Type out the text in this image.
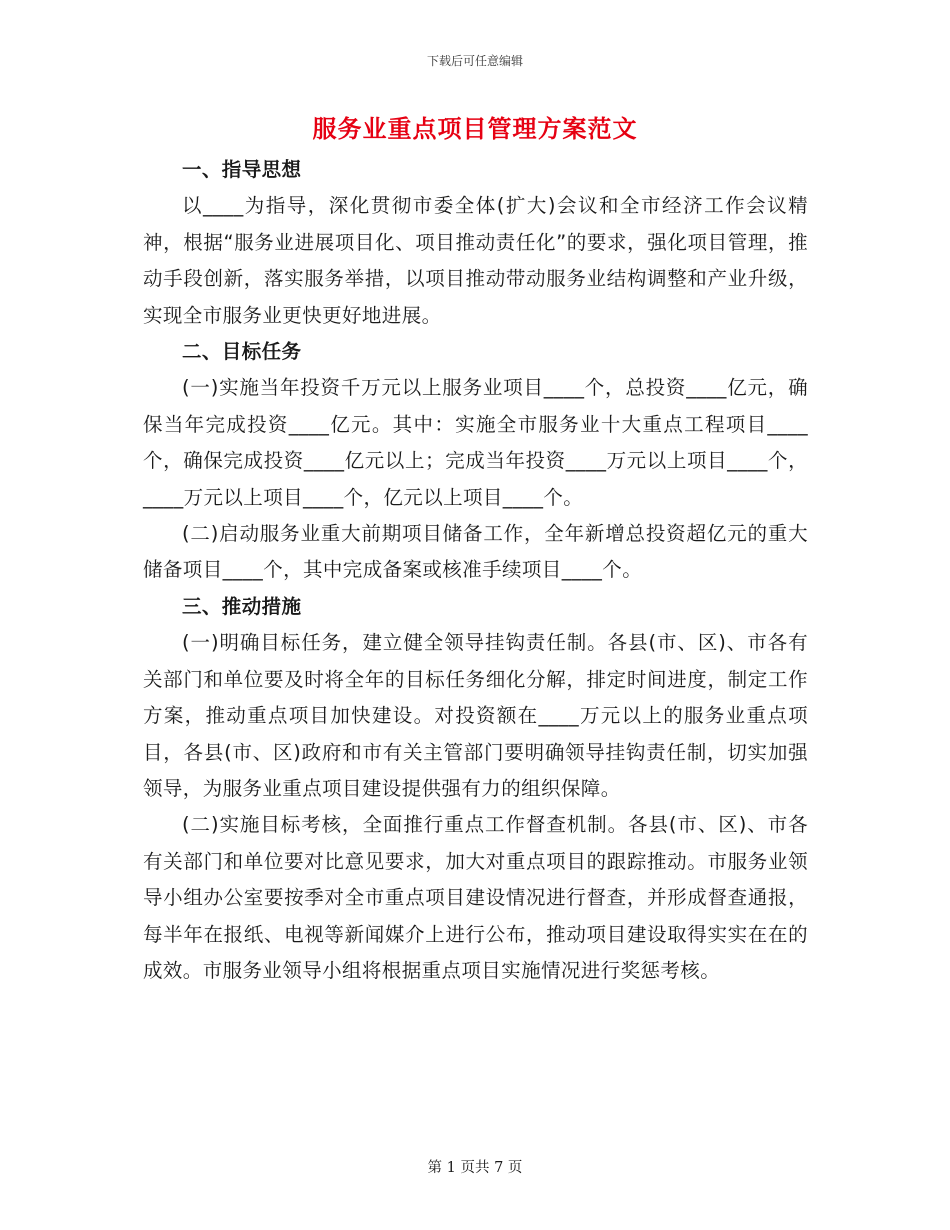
下载后可任意编辑
服务业重点项目管理方案范文
一、指导思想

以____为指导，深化贯彻市委全体(扩大)会议和全市经济工作会议精神，根据“服务业进展项目化、项目推动责任化”的要求，强化项目管理，推动手段创新，落实服务举措，以项目推动带动服务业结构调整和产业升级，实现全市服务业更快更好地进展。

二、目标任务

(一)实施当年投资千万元以上服务业项目____个，总投资____亿元，确保当年完成投资____亿元。其中：实施全市服务业十大重点工程项目____个，确保完成投资____亿元以上；完成当年投资____万元以上项目____个，____万元以上项目____个，亿元以上项目____个。

(二)启动服务业重大前期项目储备工作，全年新增总投资超亿元的重大储备项目____个，其中完成备案或核准手续项目____个。

三、推动措施

(一)明确目标任务，建立健全领导挂钩责任制。各县(市、区)、市各有关部门和单位要及时将全年的目标任务细化分解，排定时间进度，制定工作方案，推动重点项目加快建设。对投资额在____万元以上的服务业重点项目，各县(市、区)政府和市有关主管部门要明确领导挂钩责任制，切实加强领导，为服务业重点项目建设提供强有力的组织保障。

(二)实施目标考核，全面推行重点工作督查机制。各县(市、区)、市各有关部门和单位要对比意见要求，加大对重点项目的跟踪推动。市服务业领导小组办公室要按季对全市重点项目建设情况进行督查，并形成督查通报，每半年在报纸、电视等新闻媒介上进行公布，推动项目建设取得实实在在的成效。市服务业领导小组将根据重点项目实施情况进行奖惩考核。

第 1 页共 7 页
